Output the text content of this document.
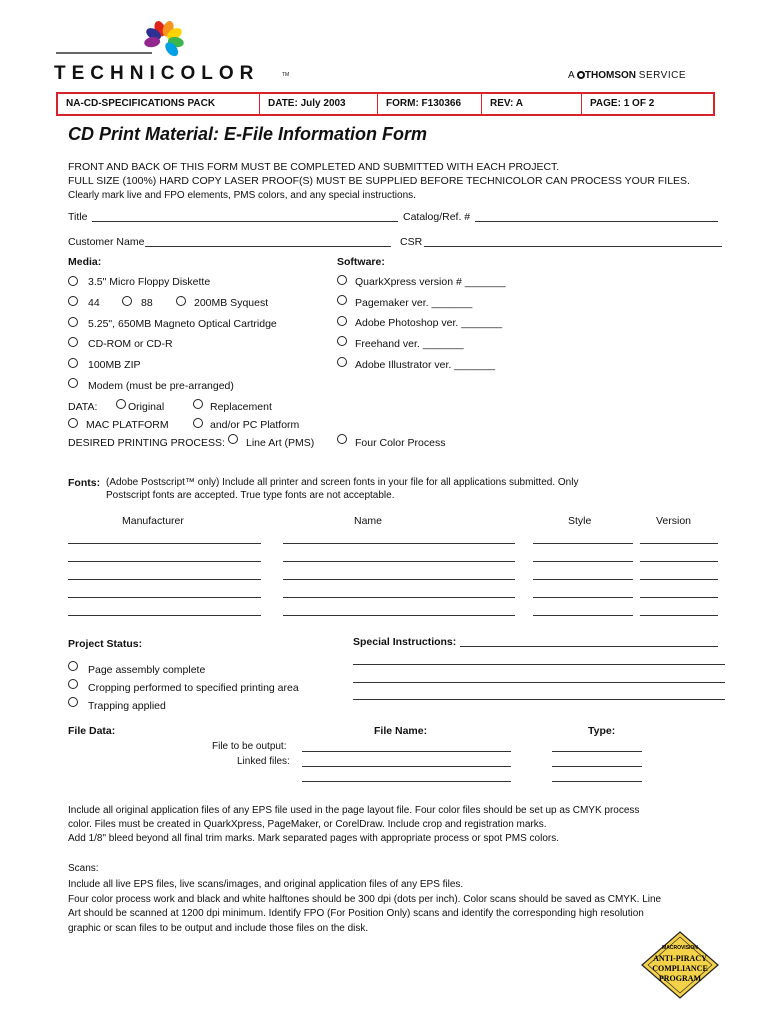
TECHNICOLOR	TM	A THOMSON SERVICE
NA-CD-SPECIFICATIONS PACK	DATE: July 2003	FORM: F130366	REV: A	PAGE: 1 OF 2
CD Print Material: E-File Information Form
FRONT AND BACK OF THIS FORM MUST BE COMPLETED AND SUBMITTED WITH EACH PROJECT.
FULL SIZE (100%) HARD COPY LASER PROOF(S) MUST BE SUPPLIED BEFORE TECHNICOLOR CAN PROCESS YOUR FILES.
Clearly mark live and FPO elements, PMS colors, and any special instructions.
Title	Catalog/Ref. #
Customer Name	CSR
Media:
3.5" Micro Floppy Diskette
44	88	200MB Syquest
5.25", 650MB Magneto Optical Cartridge
CD-ROM or CD-R
100MB ZIP
Modem (must be pre-arranged)
Software:
QuarkXpress version # _______
Pagemaker ver. _______
Adobe Photoshop ver. _______
Freehand ver. _______
Adobe Illustrator ver. _______
DATA:	Original	Replacement
MAC PLATFORM	and/or PC Platform
DESIRED PRINTING PROCESS: Line Art (PMS)	Four Color Process
Fonts: (Adobe Postscript™ only) Include all printer and screen fonts in your file for all applications submitted. Only
Postscript fonts are accepted. True type fonts are not acceptable.
Manufacturer	Name	Style	Version
Project Status:
Page assembly complete
Cropping performed to specified printing area
Trapping applied
Special Instructions:
File Data:	File Name:	Type:
File to be output:
Linked files:
Include all original application files of any EPS file used in the page layout file. Four color files should be set up as CMYK process
color. Files must be created in QuarkXpress, PageMaker, or CorelDraw. Include crop and registration marks.
Add 1/8" bleed beyond all final trim marks. Mark separated pages with appropriate process or spot PMS colors.
Scans:
Include all live EPS files, live scans/images, and original application files of any EPS files.
Four color process work and black and white halftones should be 300 dpi (dots per inch). Color scans should be saved as CMYK. Line
Art should be scanned at 1200 dpi minimum. Identify FPO (For Position Only) scans and identify the corresponding high resolution
graphic or scan files to be output and include those files on the disk.
MACROVISION
ANTI-PIRACY
COMPLIANCE
PROGRAM
